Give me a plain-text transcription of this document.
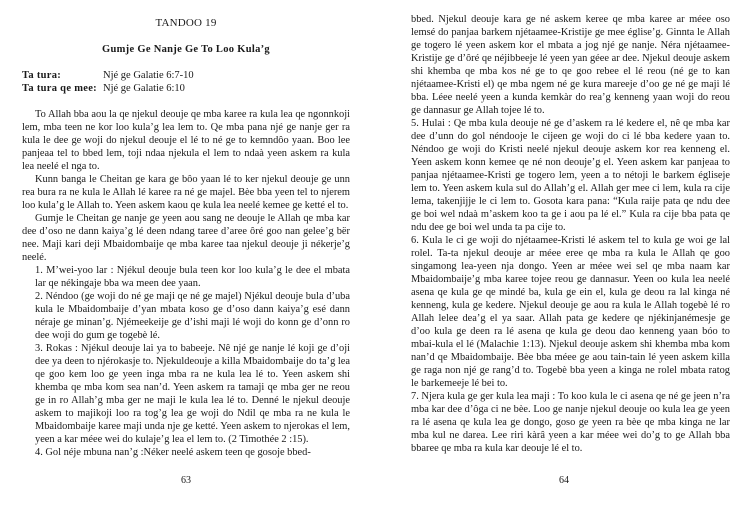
TANDOO 19
Gumje Ge Nanje Ge To Loo Kula’g
Ta tura:	Njé ge Galatie 6:7-10
Ta tura qe mee: Njé ge Galatie 6:10

To Allah bba aou la qe njekul deouje qe mba karee ra kula lea qe ngonnkoji lem, mba teen ne kor loo kula’g lea lem to. Qe mba pana njé ge nanje ger ra kula le dee ge woji do njekul deouje el lé to né ge to kemndôo yaan. Boo lee panjeaa tel to bbed lem, toji ndaa njekula el lem to ndaà yeen askem ra kula lea neelé el nga to.

Kunn banga le Cheitan ge kara ge bôo yaan lé to ker njekul deouje ge unn rea bura ra ne kula le Allah lé karee ra né ge majel. Bèe bba yeen tel to njerem loo kula’g le Allah to. Yeen askem kaou qe kula lea neelé kemee ge ketté el to.

Gumje le Cheitan ge nanje ge yeen aou sang ne deouje le Allah qe mba kar dee d’oso ne dann kaiya’g lé deen ndang taree d’aree ôré goo nan gelee’g bër nee. Maji kari deji Mbaidombaije qe mba karee taa njekul deouje ji nékerje’g neelé.

1. M’wei-yoo lar : Njékul deouje bula teen kor loo kula’g le dee el mbata lar qe nékingaje bba wa meen dee yaan.

2. Néndoo (ge woji do né ge maji qe né ge majel) Njékul deouje bula d’uba kula le Mbaidombaije d’yan mbata koso ge d’oso dann kaiya’g esé dann néraje ge minan’g. Njémeekeije ge d’ishi maji lé woji do konn ge d’onn ro dee woji do gum ge togebè lé.

3. Rokas : Njékul deouje lai ya to babeeje. Nê njé ge nanje lé koji ge d’oji dee ya deen to njérokasje to. Njekuldeouje a killa Mbaidombaije do ta’g lea qe goo kem loo ge yeen inga mba ra ne kula lea lé to. Yeen askem shi khemba qe mba kom sea nan’d. Yeen askem ra tamaji qe mba ger ne reou ge in ro Allah’g mba ger ne maji le kula lea lé to. Denné le njekul deouje askem to majikoji loo ra tog’g lea ge woji do Ndil qe mba ra ne kula le Mbaidombaije karee maji unda nje ge ketté. Yeen askem to njerokas el lem, yeen a kar méee wei do kulaje’g lea el lem to. (2 Timothée 2 :15).

4. Gol néje mbuna nan’g :Néker neelé askem teen qe gosoje bbed-

63

bbed. Njekul deouje kara ge né askem keree qe mba karee ar méee oso lemsé do panjaa barkem njétaamee-Kristije ge mee église’g. Ginnta le Allah ge togero lé yeen askem kor el mbata a jog njé ge nanje. Néra njétaamee-Kristije ge d’ôré qe néjibbeeje lé yeen yan géee ar dee. Njekul deouje askem shi khemba qe mba kos né ge to qe goo rebee el lé reou (né ge to kan njétaamee-Kristi el) qe mba ngem né ge kura mareeje d’oo ge né ge maji lé bba. Léee neelé yeen a kunda kemkàr do rea’g kenneng yaan woji do reou ge dannasur ge Allah tojee lé to.

5. Hulai : Qe mba kula deouje né ge d’askem ra lé kedere el, nê qe mba kar dee d’unn do gol néndooje le cijeen ge woji do ci lé bba kedere yaan to. Néndoo ge woji do Kristi neelé njekul deouje askem kor rea kenneng el. Yeen askem konn kemee qe né non deouje’g el. Yeen askem kar panjeaa to panjaa njétaamee-Kristi ge togero lem, yeen a to nétoji le barkem égliseje lem to. Yeen askem kula sul do Allah’g el. Allah ger mee ci lem, kula ra cije lema, takenjijje le ci lem to. Gosota kara pana: “Kula raije pata qe ndu dee ge boi wel ndaà m’askem koo ta ge i aou pa lé el.” Kula ra cije bba pata qe ndu dee ge boi wel unda ta pa cije to.

6. Kula le ci ge woji do njétaamee-Kristi lé askem tel to kula ge woi ge lal rolel. Ta-ta njekul deouje ar méee eree qe mba ra kula le Allah qe goo singamong lea-yeen nja dongo. Yeen ar méee wei sel qe mba naam kar Mbaidombaije’g mba karee tojee reou ge dannasur. Yeen oo kula lea neelé asena qe kula ge qe mindé ba, kula ge ein el, kula ge deou ra lal kinga né kenneng, kula ge kedere. Njekul deouje ge aou ra kula le Allah togebè lé ro Allah lelee dea’g el ya saar. Allah pata ge kedere qe njékinjanémesje ge d’oo kula ge deen ra lé asena qe kula ge deou dao kenneng yaan bóo to mbai-kula el lé (Malachie 1:13). Njekul deouje askem shi khemba mba kom nan’d qe Mbaidombaije. Bèe bba méee ge aou tain-tain lé yeen askem killa ge raga non njé ge rang’d to. Togebè bba yeen a kinga ne rolel mbata ratog le barkemeeje lé bei to.

7. Njera kula ge ger kula lea maji : To koo kula le ci asena qe né ge jeen n’ra mba kar dee d’ôga ci ne bèe. Loo ge nanje njekul deouje oo kula lea ge yeen ra lé asena qe kula lea ge dongo, goso ge yeen ra bèe qe mba kinga ne lar mba kul ne darea. Lee riri kàrâ yeen a kar méee wei do’g to ge Allah bba bbaree qe mba ra kula kar deouje lé el to.

64
